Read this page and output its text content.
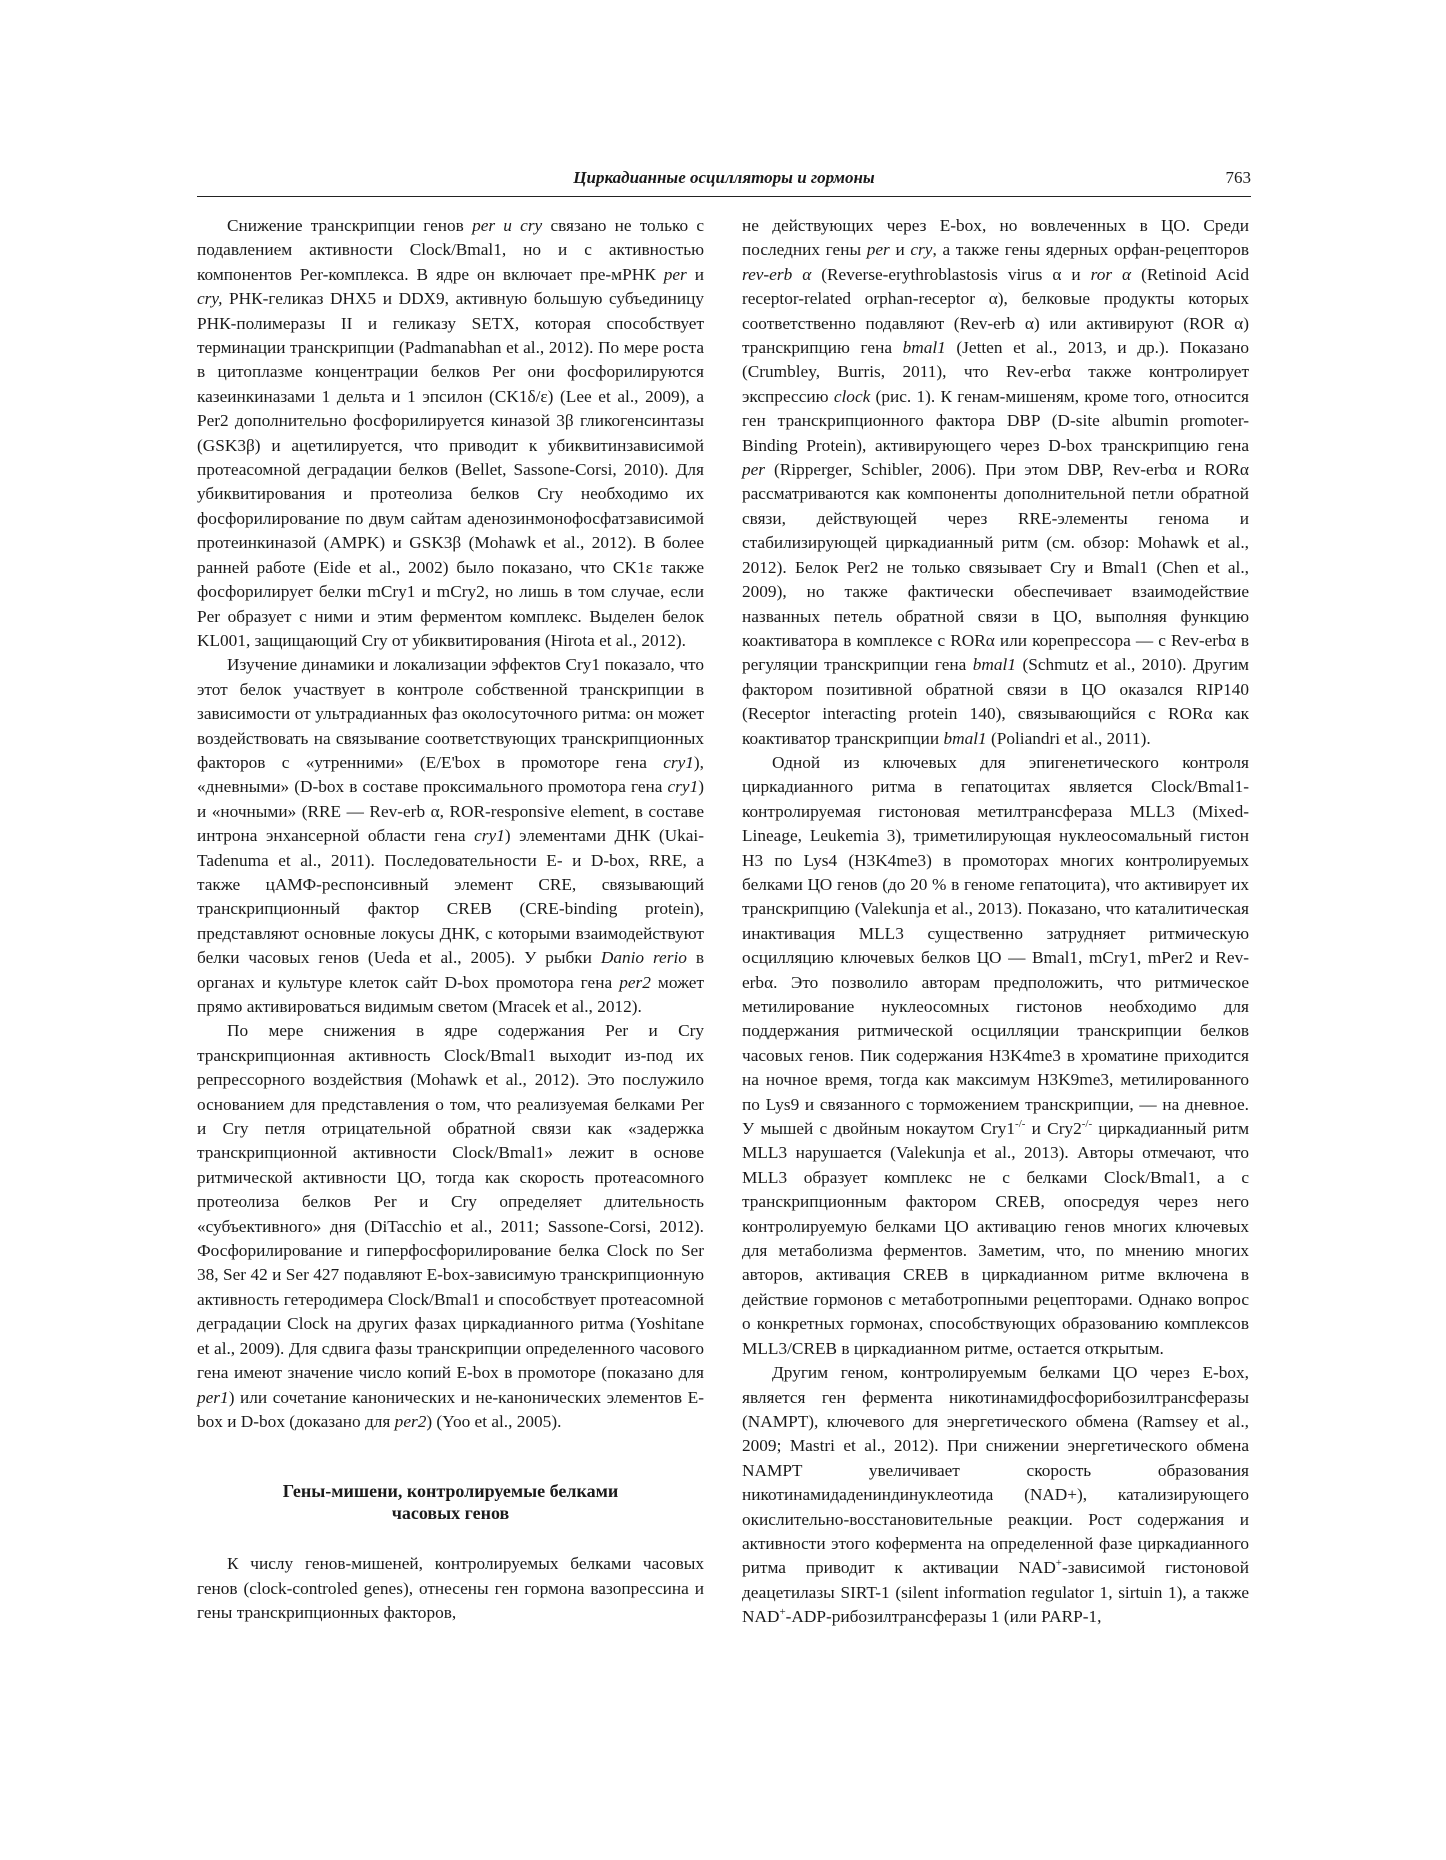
Циркадианные осцилляторы и гормоны	763

Снижение транскрипции генов per и cry связано не только с подавлением активности Clock/Bmal1, но и с активностью компонентов Per-комплекса. В ядре он включает пре-мРНК per и cry, РНК-геликаз DHX5 и DDX9, активную большую субъединицу РНК-полимеразы II и геликазу SETX, которая способствует терминации транскрипции (Padmanabhan et al., 2012). По мере роста в цитоплазме концентрации белков Per они фосфорилируются казеинкиназами 1 дельта и 1 эпсилон (CK1δ/ε) (Lee et al., 2009), а Per2 дополнительно фосфорилируется киназой 3β гликогенсинтазы (GSK3β) и ацетилируется, что приводит к убиквитинзависимой протеасомной деградации белков (Bellet, Sassone-Corsi, 2010). Для убиквитирования и протеолиза белков Cry необходимо их фосфорилирование по двум сайтам аденозинмонофосфатзависимой протеинкиназой (AMPK) и GSK3β (Mohawk et al., 2012). В более ранней работе (Eide et al., 2002) было показано, что CK1ε также фосфорилирует белки mCry1 и mCry2, но лишь в том случае, если Per образует с ними и этим ферментом комплекс. Выделен белок KL001, защищающий Cry от убиквитирования (Hirota et al., 2012).

Изучение динамики и локализации эффектов Cry1 показало, что этот белок участвует в контроле собственной транскрипции в зависимости от ультрадианных фаз околосуточного ритма: он может воздействовать на связывание соответствующих транскрипционных факторов с «утренними» (E/E'box в промоторе гена cry1), «дневными» (D-box в составе проксимального промотора гена cry1) и «ночными» (RRE — Rev-erb α, ROR-responsive element, в составе интрона энхансерной области гена cry1) элементами ДНК (Ukai-Tadenuma et al., 2011). Последовательности E- и D-box, RRE, а также цАМФ-респонсивный элемент CRE, связывающий транскрипционный фактор CREB (CRE-binding protein), представляют основные локусы ДНК, с которыми взаимодействуют белки часовых генов (Ueda et al., 2005). У рыбки Danio rerio в органах и культуре клеток сайт D-box промотора гена per2 может прямо активироваться видимым светом (Mracek et al., 2012).

По мере снижения в ядре содержания Per и Cry транскрипционная активность Clock/Bmal1 выходит из-под их репрессорного воздействия (Mohawk et al., 2012). Это послужило основанием для представления о том, что реализуемая белками Per и Cry петля отрицательной обратной связи как «задержка транскрипционной активности Clock/Bmal1» лежит в основе ритмической активности ЦО, тогда как скорость протеасомного протеолиза белков Per и Cry определяет длительность «субъективного» дня (DiTacchio et al., 2011; Sassone-Corsi, 2012). Фосфорилирование и гиперфосфорилирование белка Clock по Ser 38, Ser 42 и Ser 427 подавляют E-box-зависимую транскрипционную активность гетеродимера Clock/Bmal1 и способствует протеасомной деградации Clock на других фазах циркадианного ритма (Yoshitane et al., 2009). Для сдвига фазы транскрипции определенного часового гена имеют значение число копий E-box в промоторе (показано для per1) или сочетание канонических и не-канонических элементов E-box и D-box (доказано для per2) (Yoo et al., 2005).

Гены-мишени, контролируемые белками
часовых генов

К числу генов-мишеней, контролируемых белками часовых генов (clock-controled genes), отнесены ген гормона вазопрессина и гены транскрипционных факторов,

не действующих через E-box, но вовлеченных в ЦО. Среди последних гены per и cry, а также гены ядерных орфан-рецепторов rev-erb α (Reverse-erythroblastosis virus α и ror α (Retinoid Acid receptor-related orphan-receptor α), белковые продукты которых соответственно подавляют (Rev-erb α) или активируют (ROR α) транскрипцию гена bmal1 (Jetten et al., 2013, и др.). Показано (Crumbley, Burris, 2011), что Rev-erbα также контролирует экспрессию clock (рис. 1). К генам-мишеням, кроме того, относится ген транскрипционного фактора DBP (D-site albumin promoter-Binding Protein), активирующего через D-box транскрипцию гена per (Ripperger, Schibler, 2006). При этом DBP, Rev-erbα и RORα рассматриваются как компоненты дополнительной петли обратной связи, действующей через RRE-элементы генома и стабилизирующей циркадианный ритм (см. обзор: Mohawk et al., 2012). Белок Per2 не только связывает Cry и Bmal1 (Chen et al., 2009), но также фактически обеспечивает взаимодействие названных петель обратной связи в ЦО, выполняя функцию коактиватора в комплексе с RORα или корепрессора — с Rev-erbα в регуляции транскрипции гена bmal1 (Schmutz et al., 2010). Другим фактором позитивной обратной связи в ЦО оказался RIP140 (Receptor interacting protein 140), связывающийся с RORα как коактиватор транскрипции bmal1 (Poliandri et al., 2011).

Одной из ключевых для эпигенетического контроля циркадианного ритма в гепатоцитах является Clock/Bmal1-контролируемая гистоновая метилтрансфераза MLL3 (Mixed-Lineage, Leukemia 3), триметилирующая нуклеосомальный гистон H3 по Lys4 (H3K4me3) в промоторах многих контролируемых белками ЦО генов (до 20 % в геноме гепатоцита), что активирует их транскрипцию (Valekunja et al., 2013). Показано, что каталитическая инактивация MLL3 существенно затрудняет ритмическую осцилляцию ключевых белков ЦО — Bmal1, mCry1, mPer2 и Rev-erbα. Это позволило авторам предположить, что ритмическое метилирование нуклеосомных гистонов необходимо для поддержания ритмической осцилляции транскрипции белков часовых генов. Пик содержания H3K4me3 в хроматине приходится на ночное время, тогда как максимум H3K9me3, метилированного по Lys9 и связанного с торможением транскрипции, — на дневное. У мышей с двойным нокаутом Cry1-/- и Cry2-/- циркадианный ритм MLL3 нарушается (Valekunja et al., 2013). Авторы отмечают, что MLL3 образует комплекс не с белками Clock/Bmal1, а с транскрипционным фактором CREB, опосредуя через него контролируемую белками ЦО активацию генов многих ключевых для метаболизма ферментов. Заметим, что, по мнению многих авторов, активация CREB в циркадианном ритме включена в действие гормонов с метаботропными рецепторами. Однако вопрос о конкретных гормонах, способствующих образованию комплексов MLL3/CREB в циркадианном ритме, остается открытым.

Другим геном, контролируемым белками ЦО через E-box, является ген фермента никотинамидфосфорибозилтрансферазы (NAMPT), ключевого для энергетического обмена (Ramsey et al., 2009; Mastri et al., 2012). При снижении энергетического обмена NAMPT увеличивает скорость образования никотинамидадениндинуклеотида (NAD+), катализирующего окислительно-восстановительные реакции. Рост содержания и активности этого кофермента на определенной фазе циркадианного ритма приводит к активации NAD+-зависимой гистоновой деацетилазы SIRT-1 (silent information regulator 1, sirtuin 1), а также NAD+-ADP-рибозилтрансферазы 1 (или PARP-1,
